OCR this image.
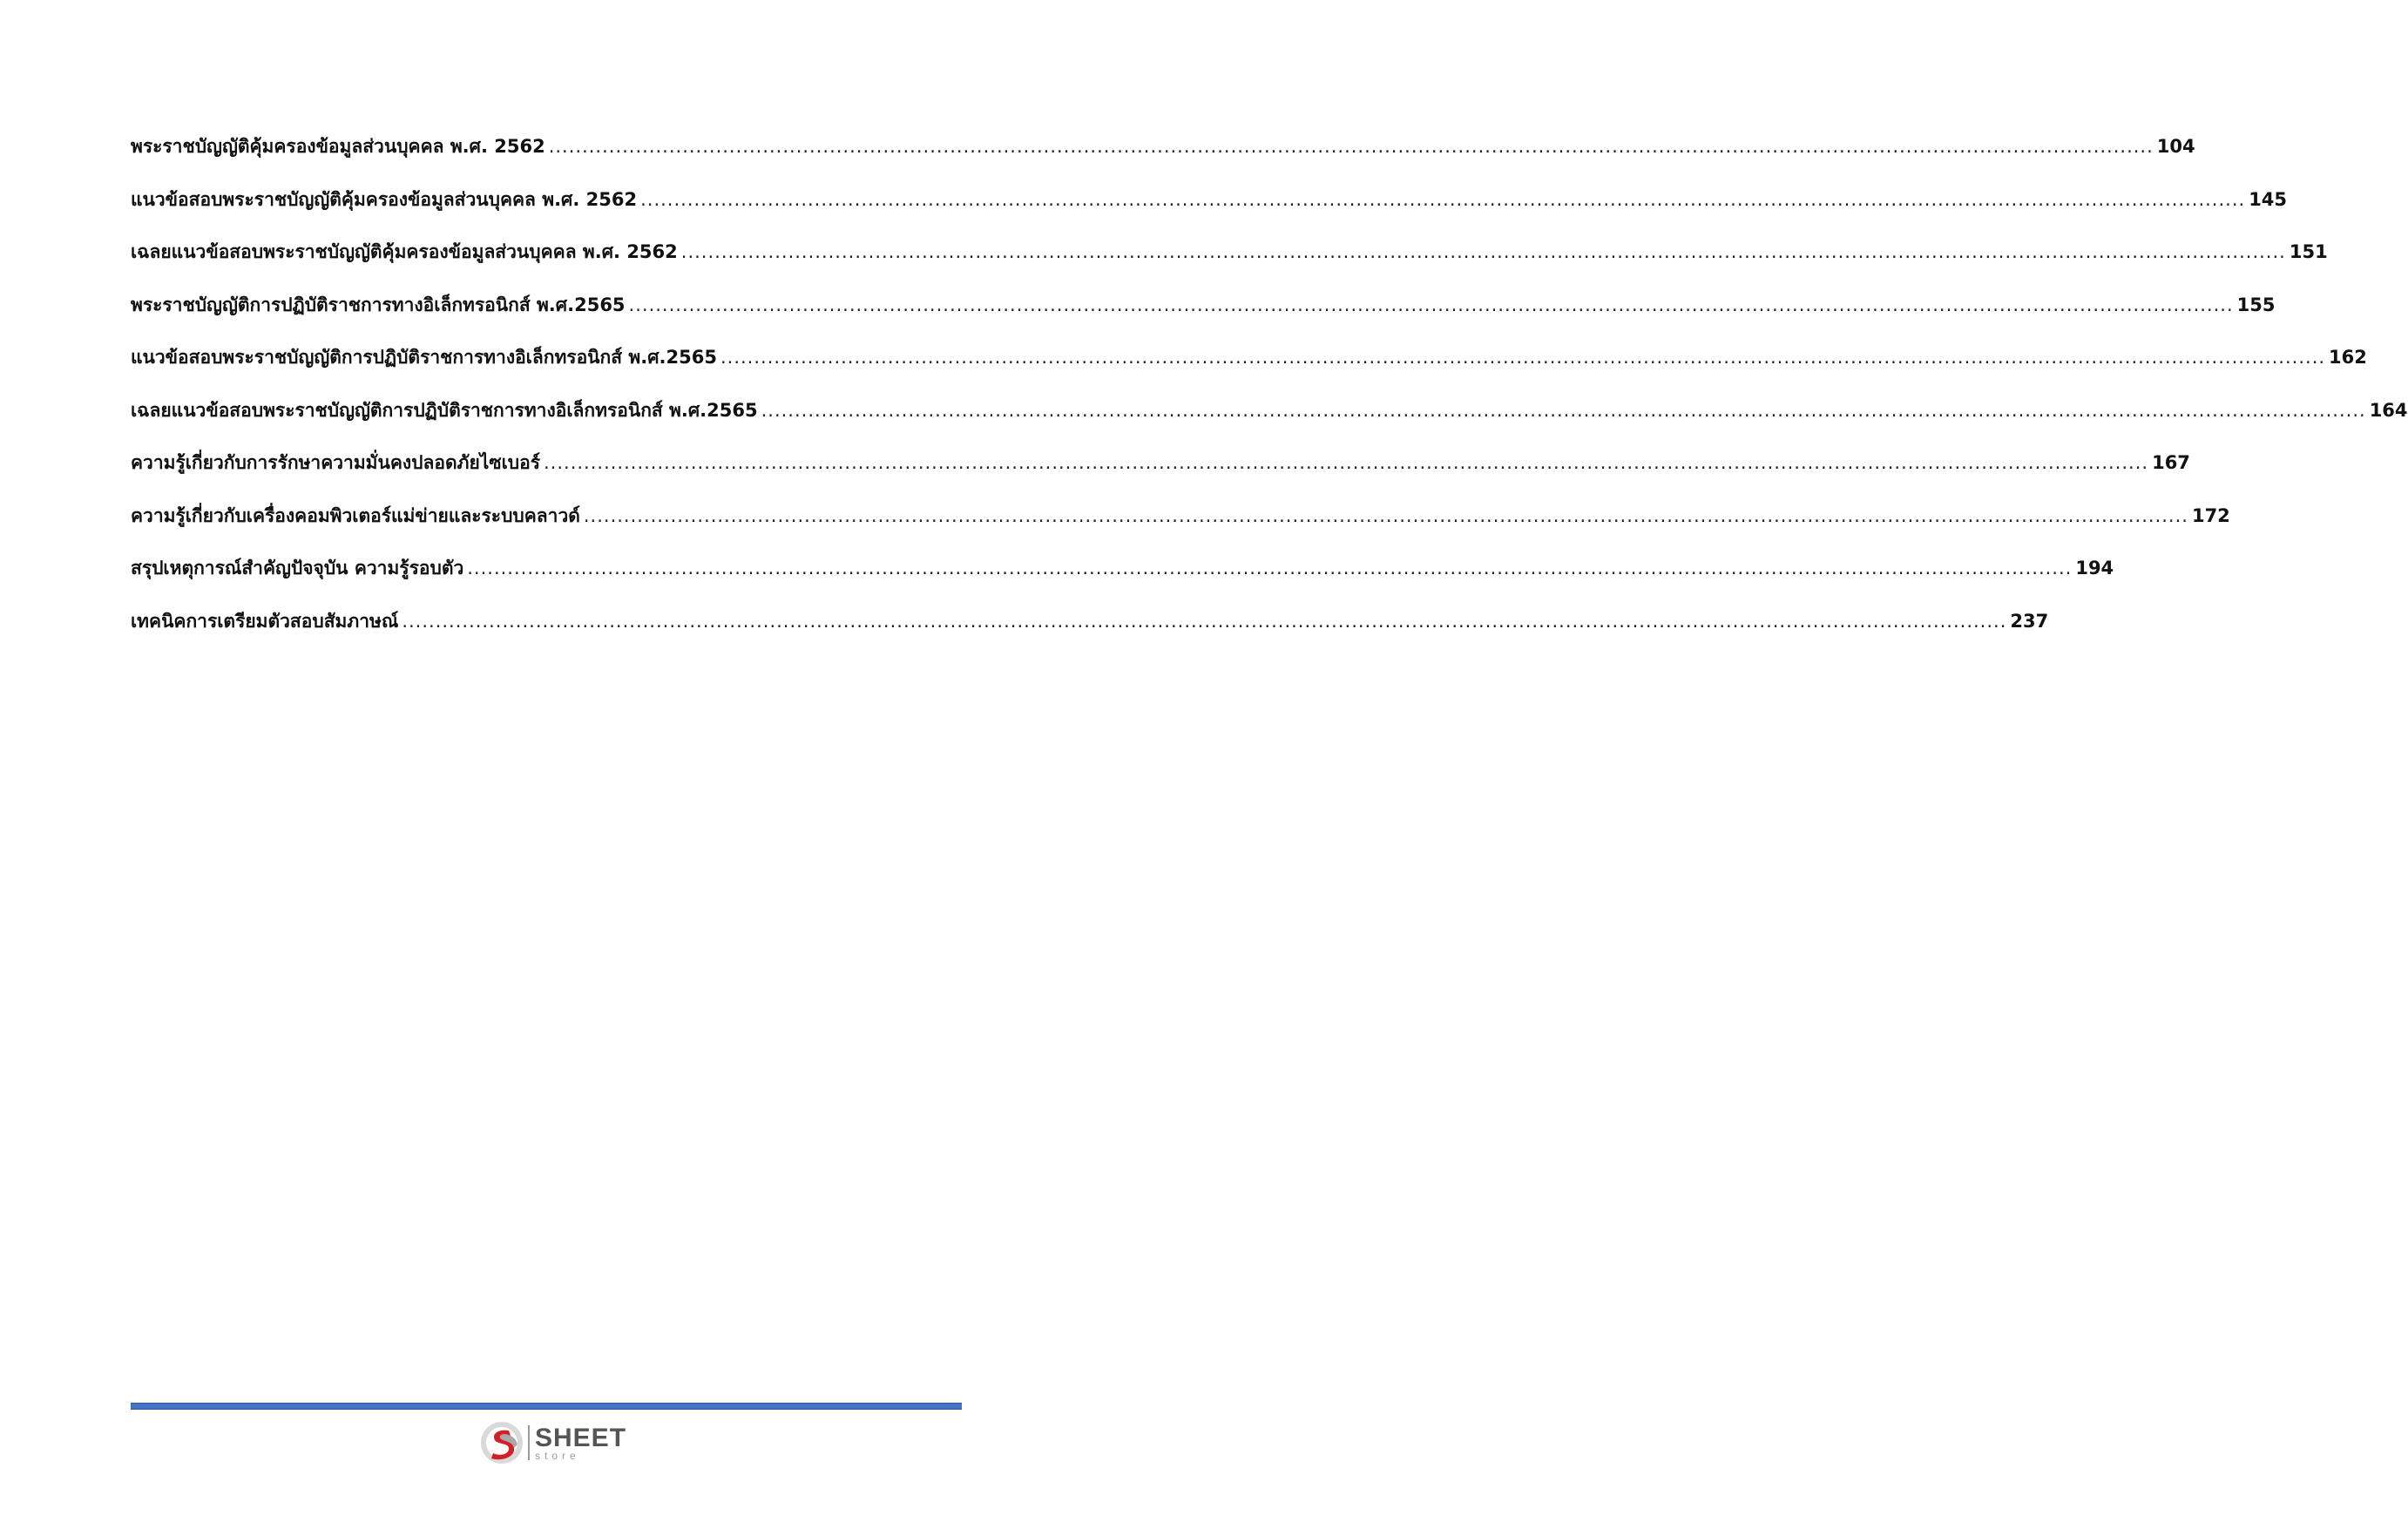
พระราชบัญญัติคุ้มครองข้อมูลส่วนบุคคล พ.ศ. 2562 ................................................................................................................................................................................................................................................ 104
แนวข้อสอบพระราชบัญญัติคุ้มครองข้อมูลส่วนบุคคล พ.ศ. 2562 ................................................................................................................................................................................................................................................ 145
เฉลยแนวข้อสอบพระราชบัญญัติคุ้มครองข้อมูลส่วนบุคคล พ.ศ. 2562 ................................................................................................................................................................................................................................................ 151
พระราชบัญญัติการปฏิบัติราชการทางอิเล็กทรอนิกส์ พ.ศ.2565 ................................................................................................................................................................................................................................................ 155
แนวข้อสอบพระราชบัญญัติการปฏิบัติราชการทางอิเล็กทรอนิกส์ พ.ศ.2565 ................................................................................................................................................................................................................................................ 162
เฉลยแนวข้อสอบพระราชบัญญัติการปฏิบัติราชการทางอิเล็กทรอนิกส์ พ.ศ.2565 ................................................................................................................................................................................................................................................ 164
ความรู้เกี่ยวกับการรักษาความมั่นคงปลอดภัยไซเบอร์ ................................................................................................................................................................................................................................................ 167
ความรู้เกี่ยวกับเครื่องคอมพิวเตอร์แม่ข่ายและระบบคลาวด์ ................................................................................................................................................................................................................................................ 172
สรุปเหตุการณ์สำคัญปัจจุบัน ความรู้รอบตัว ................................................................................................................................................................................................................................................ 194
เทคนิคการเตรียมตัวสอบสัมภาษณ์ ................................................................................................................................................................................................................................................ 237
SHEET
store
